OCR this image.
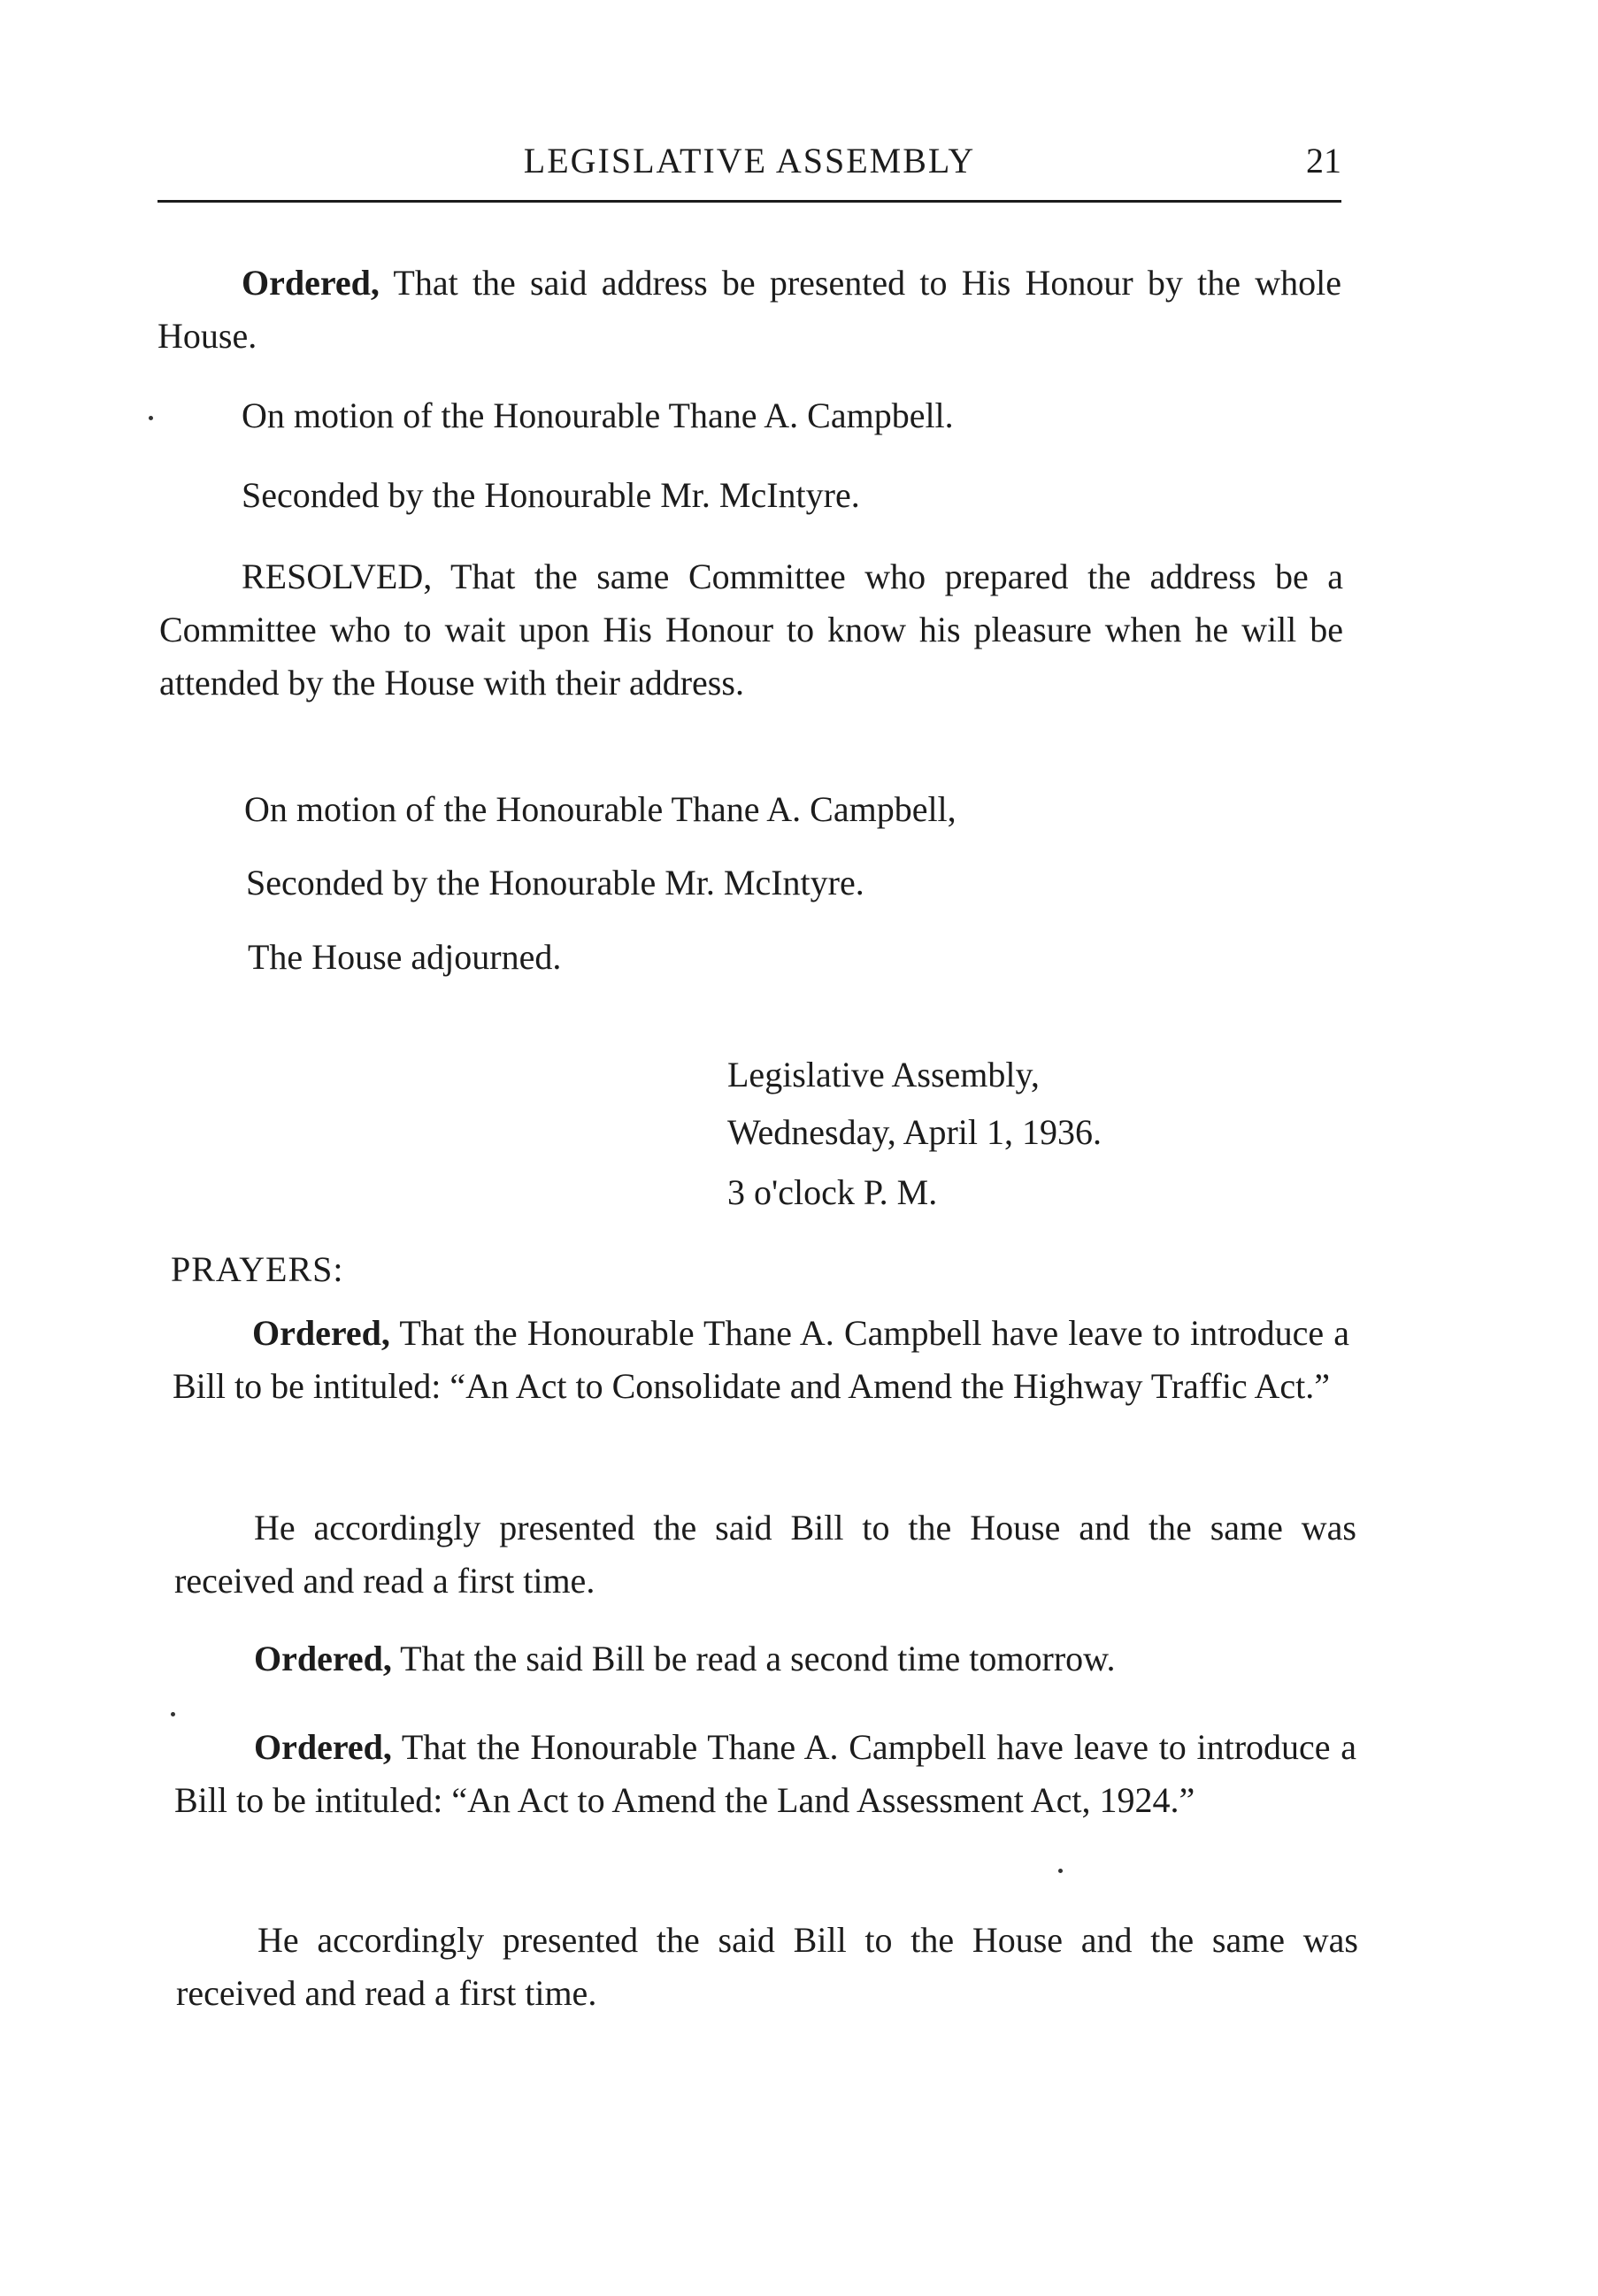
LEGISLATIVE ASSEMBLY	21
Ordered, That the said address be presented to His Honour by the whole House.
On motion of the Honourable Thane A. Campbell.
Seconded by the Honourable Mr. McIntyre.
RESOLVED, That the same Committee who prepared the address be a Committee who to wait upon His Honour to know his pleasure when he will be attended by the House with their address.
On motion of the Honourable Thane A. Campbell,
Seconded by the Honourable Mr. McIntyre.
The House adjourned.
Legislative Assembly,
Wednesday, April 1, 1936.
3 o'clock P. M.
PRAYERS:
Ordered, That the Honourable Thane A. Campbell have leave to introduce a Bill to be intituled: “An Act to Consolidate and Amend the Highway Traffic Act.”
He accordingly presented the said Bill to the House and the same was received and read a first time.
Ordered, That the said Bill be read a second time tomorrow.
Ordered, That the Honourable Thane A. Campbell have leave to introduce a Bill to be intituled: “An Act to Amend the Land Assessment Act, 1924.”
He accordingly presented the said Bill to the House and the same was received and read a first time.
